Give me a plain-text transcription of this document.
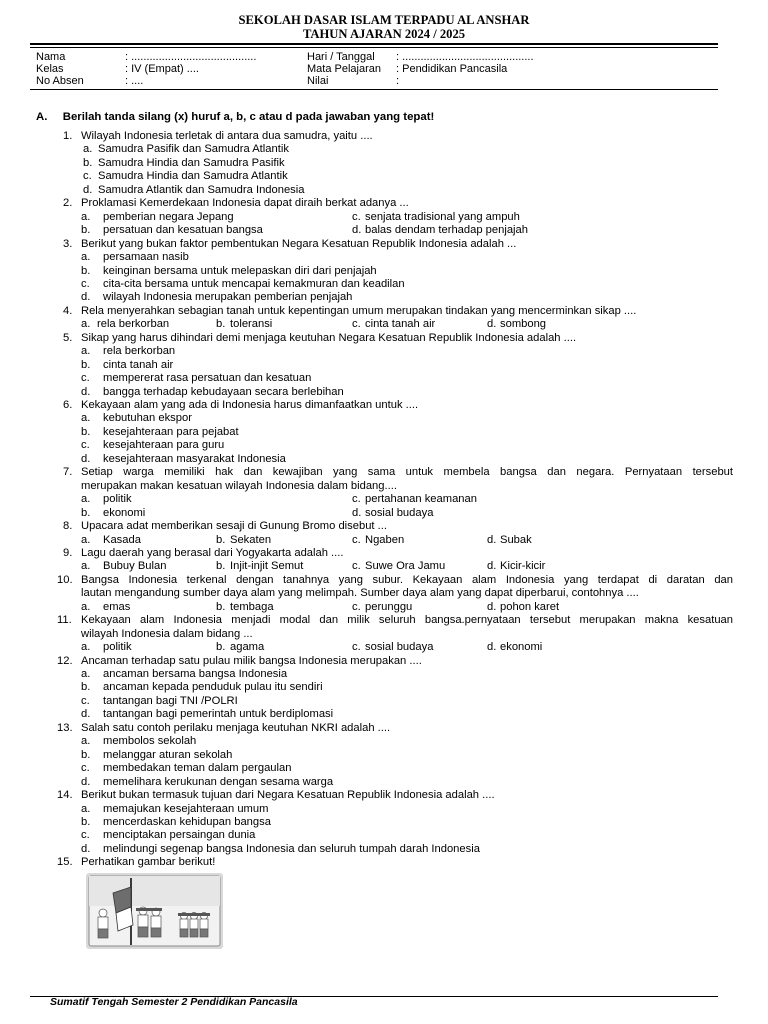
SEKOLAH DASAR ISLAM TERPADU AL ANSHAR
TAHUN AJARAN 2024 / 2025
Nama	: .........................................
Kelas	: IV (Empat) ....
No Absen	: ....
Hari / Tanggal : ...........................................
Mata Pelajaran : Pendidikan Pancasila
Nilai	:
A. Berilah tanda silang (x) huruf a, b, c atau d pada jawaban yang tepat!
1. Wilayah Indonesia terletak di antara dua samudra, yaitu ....
a. Samudra Pasifik dan Samudra Atlantik
b. Samudra Hindia dan Samudra Pasifik
c. Samudra Hindia dan Samudra Atlantik
d. Samudra Atlantik dan Samudra Indonesia
2. Proklamasi Kemerdekaan Indonesia dapat diraih berkat adanya ...
a. pemberian negara Jepang	c. senjata tradisional yang ampuh
b. persatuan dan kesatuan bangsa	d. balas dendam terhadap penjajah
3. Berikut yang bukan faktor pembentukan Negara Kesatuan Republik Indonesia adalah ...
a. persamaan nasib
b. keinginan bersama untuk melepaskan diri dari penjajah
c. cita-cita bersama untuk mencapai kemakmuran dan keadilan
d. wilayah Indonesia merupakan pemberian penjajah
4. Rela menyerahkan sebagian tanah untuk kepentingan umum merupakan tindakan yang mencerminkan sikap ....
a. rela berkorban	b. toleransi	c. cinta tanah air	d. sombong
5. Sikap yang harus dihindari demi menjaga keutuhan Negara Kesatuan Republik Indonesia adalah ....
a. rela berkorban
b. cinta tanah air
c. mempererat rasa persatuan dan kesatuan
d. bangga terhadap kebudayaan secara berlebihan
6. Kekayaan alam yang ada di Indonesia harus dimanfaatkan untuk ....
a. kebutuhan ekspor
b. kesejahteraan para pejabat
c. kesejahteraan para guru
d. kesejahteraan masyarakat Indonesia
7. Setiap warga memiliki hak dan kewajiban yang sama untuk membela bangsa dan negara. Pernyataan tersebut
merupakan makan kesatuan wilayah Indonesia dalam bidang....
a. politik	c. pertahanan keamanan
b. ekonomi	d. sosial budaya
8. Upacara adat memberikan sesaji di Gunung Bromo disebut ...
a. Kasada	b. Sekaten	c. Ngaben	d. Subak
9. Lagu daerah yang berasal dari Yogyakarta adalah ....
a. Bubuy Bulan	b. Injit-injit Semut	c. Suwe Ora Jamu	d. Kicir-kicir
10. Bangsa Indonesia terkenal dengan tanahnya yang subur. Kekayaan alam Indonesia yang terdapat di daratan dan
lautan mengandung sumber daya alam yang melimpah. Sumber daya alam yang dapat diperbarui, contohnya ....
a. emas	b. tembaga	c. perunggu	d. pohon karet
11. Kekayaan alam Indonesia menjadi modal dan milik seluruh bangsa.pernyataan tersebut merupakan makna kesatuan
wilayah Indonesia dalam bidang ...
a. politik	b. agama	c. sosial budaya	d. ekonomi
12. Ancaman terhadap satu pulau milik bangsa Indonesia merupakan ....
a. ancaman bersama bangsa Indonesia
b. ancaman kepada penduduk pulau itu sendiri
c. tantangan bagi TNI /POLRI
d. tantangan bagi pemerintah untuk berdiplomasi
13. Salah satu contoh perilaku menjaga keutuhan NKRI adalah ....
a. membolos sekolah
b. melanggar aturan sekolah
c. membedakan teman dalam pergaulan
d. memelihara kerukunan dengan sesama warga
14. Berikut bukan termasuk tujuan dari Negara Kesatuan Republik Indonesia adalah ....
a. memajukan kesejahteraan umum
b. mencerdaskan kehidupan bangsa
c. menciptakan persaingan dunia
d. melindungi segenap bangsa Indonesia dan seluruh tumpah darah Indonesia
15. Perhatikan gambar berikut!
Sumatif Tengah Semester 2 Pendidikan Pancasila
